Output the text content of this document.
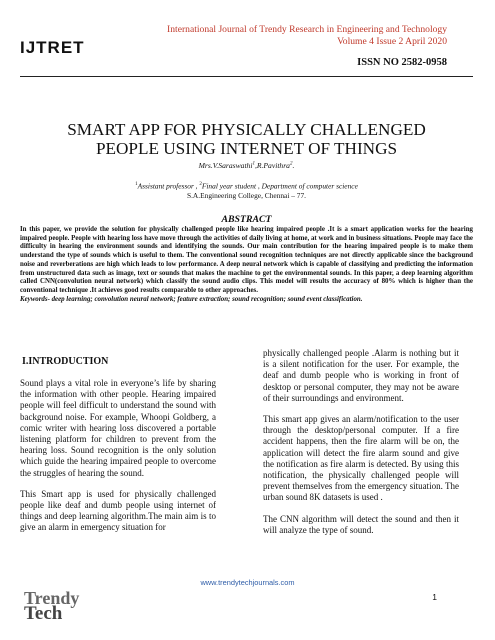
IJTRET
International Journal of Trendy Research in Engineering and Technology
Volume 4 Issue 2 April 2020
ISSN NO 2582-0958
SMART APP FOR PHYSICALLY CHALLENGED
PEOPLE USING INTERNET OF THINGS
Mrs.V.Saraswathi$^1$,R.Pavithra$^2$.
$^1$Assistant professor , $^2$Final year student , Department of computer science
S.A.Engineering College, Chennai – 77.
ABSTRACT
In this paper, we provide the solution for physically challenged people like hearing impaired people .It is a smart application works for the hearing impaired people. People with hearing loss have move through the activities of daily living at home, at work and in business situations. People may face the difficulty in hearing the environment sounds and identifying the sounds. Our main contribution for the hearing impaired people is to make them understand the type of sounds which is useful to them. The conventional sound recognition techniques are not directly applicable since the background noise and reverberations are high which leads to low performance. A deep neural network which is capable of classifying and predicting the information from unstructured data such as image, text or sounds that makes the machine to get the environmental sounds. In this paper, a deep learning algorithm called CNN(convolution neural network) which classify the sound audio clips. This model will results the accuracy of 80% which is higher than the conventional technique .It achieves good results comparable to other approaches.
Keywords- deep learning; convolution neural network; feature extraction; sound recognition; sound event classification.
I.INTRODUCTION

Sound plays a vital role in everyone’s life by sharing the information with other people. Hearing impaired people will feel difficult to understand the sound with background noise. For example, Whoopi Goldberg, a comic writer with hearing loss discovered a portable listening platform for children to prevent from the hearing loss. Sound recognition is the only solution which guide the hearing impaired people to overcome the struggles of hearing the sound.

This Smart app is used for physically challenged people like deaf and dumb people using internet of things and deep learning algorithm.The main aim is to give an alarm in emergency situation for

physically challenged people .Alarm is nothing but it is a silent notification for the user. For example, the deaf and dumb people who is working in front of desktop or personal computer, they may not be aware of their surroundings and environment.

This smart app gives an alarm/notification to the user through the desktop/personal computer. If a fire accident happens, then the fire alarm will be on, the application will detect the fire alarm sound and give the notification as fire alarm is detected. By using this notification, the physically challenged people will prevent themselves from the emergency situation. The urban sound 8K datasets is used .

The CNN algorithm will detect the sound and then it will analyze the type of sound.

www.trendytechjournals.com
1
Trendy
Tech
